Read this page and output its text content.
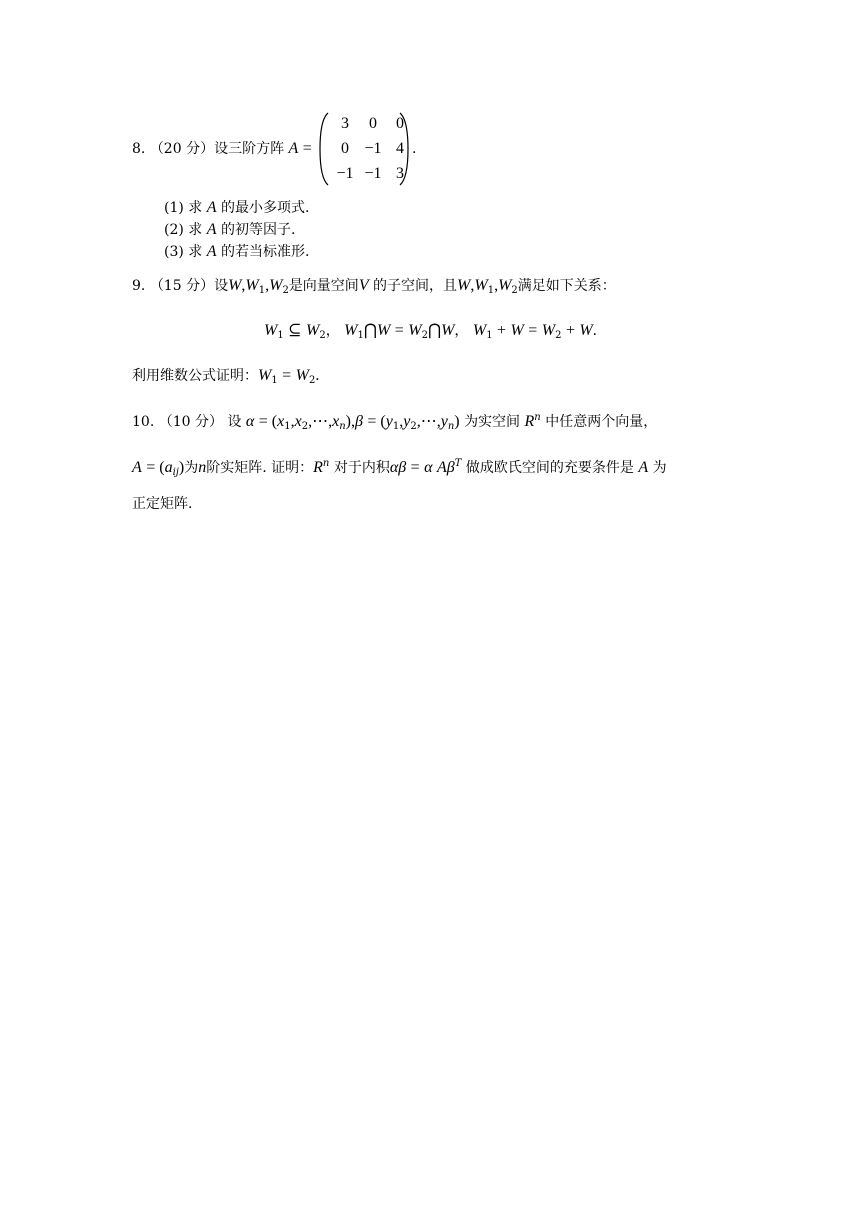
8. （20 分）设三阶方阵 A =
3	0	0
0 −1 4
−1 −1 3
.
(1) 求 A 的最小多项式.
(2) 求 A 的初等因子.
(3) 求 A 的若当标准形.
9. （15 分）设$W,W_1,W_2$是向量空间V 的子空间，且$W,W_1,W_2$满足如下关系：
$W_1$ ⊆ $W_2$， $W_1⋂W$ = $W_2⋂W$， $W_1 + W = W_2 + W$.
利用维数公式证明：$W_1 = W_2$.
10. （10 分） 设 $\alpha = (x_1,x_2,\cdots,x_n),\beta$ = $(y_1,y_2,\cdots,y_n)$ 为实空间 $R^n$ 中任意两个向量，
$A = (a_{ij})$为n阶实矩阵. 证明：$R^n$ 对于内积αβ = α $A\beta^T$ 做成欧氏空间的充要条件是 A 为
正定矩阵.
